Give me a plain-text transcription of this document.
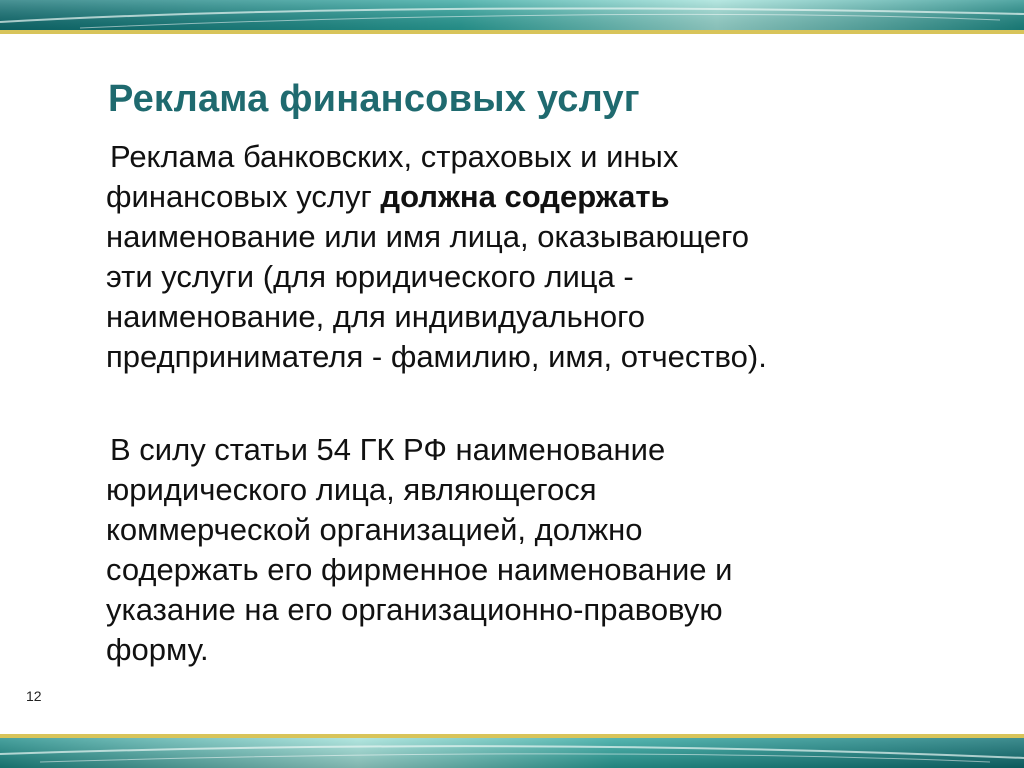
Реклама финансовых услуг
Реклама банковских, страховых и иных
финансовых услуг должна содержать
наименование или имя лица, оказывающего
эти услуги (для юридического лица -
наименование, для индивидуального
предпринимателя - фамилию, имя, отчество).
В силу статьи 54 ГК РФ наименование
юридического лица, являющегося
коммерческой организацией, должно
содержать его фирменное наименование и
указание на его организационно-правовую
форму.
12
